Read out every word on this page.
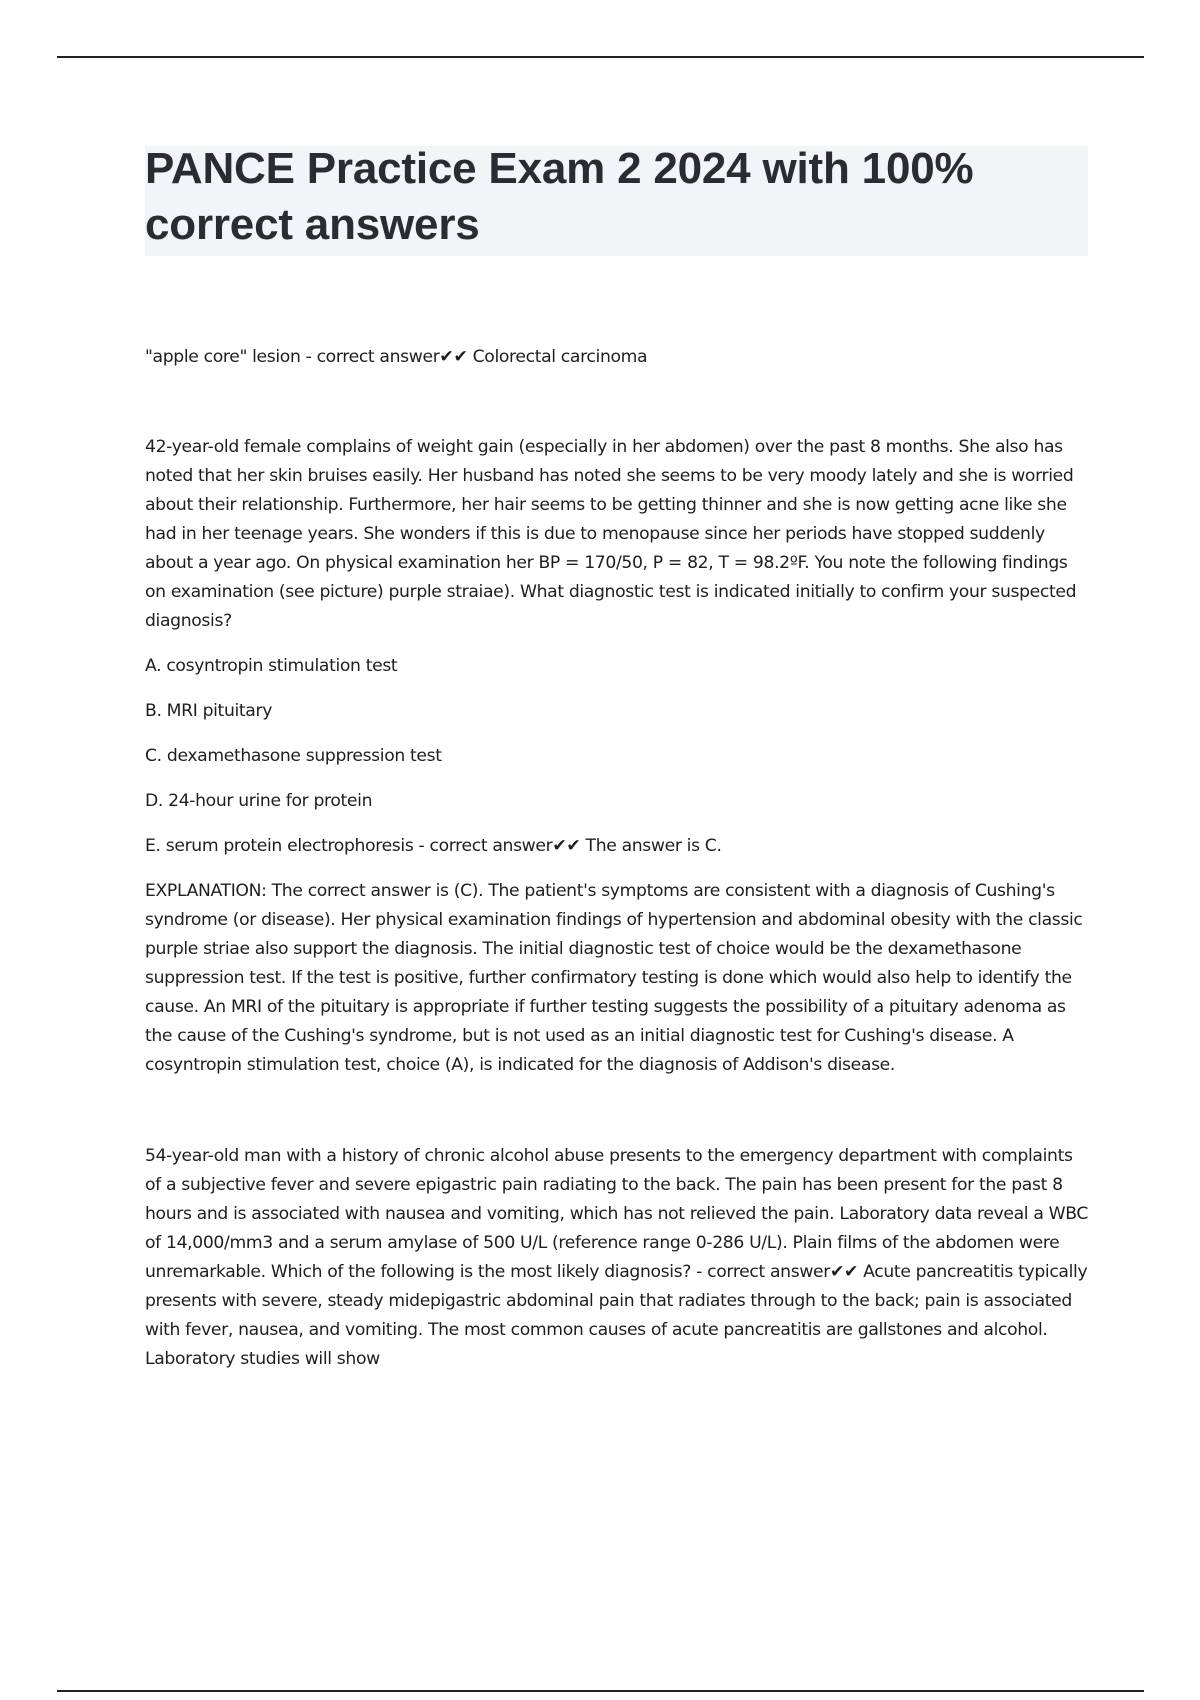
PANCE Practice Exam 2 2024 with 100% correct answers

"apple core" lesion - correct answer✔✔ Colorectal carcinoma

42-year-old female complains of weight gain (especially in her abdomen) over the past 8 months. She also has noted that her skin bruises easily. Her husband has noted she seems to be very moody lately and she is worried about their relationship. Furthermore, her hair seems to be getting thinner and she is now getting acne like she had in her teenage years. She wonders if this is due to menopause since her periods have stopped suddenly about a year ago. On physical examination her BP = 170/50, P = 82, T = 98.2ºF. You note the following findings on examination (see picture) purple straiae). What diagnostic test is indicated initially to confirm your suspected diagnosis?

A. cosyntropin stimulation test

B. MRI pituitary

C. dexamethasone suppression test

D. 24-hour urine for protein

E. serum protein electrophoresis - correct answer✔✔ The answer is C.

EXPLANATION: The correct answer is (C). The patient's symptoms are consistent with a diagnosis of Cushing's syndrome (or disease). Her physical examination findings of hypertension and abdominal obesity with the classic purple striae also support the diagnosis. The initial diagnostic test of choice would be the dexamethasone suppression test. If the test is positive, further confirmatory testing is done which would also help to identify the cause. An MRI of the pituitary is appropriate if further testing suggests the possibility of a pituitary adenoma as the cause of the Cushing's syndrome, but is not used as an initial diagnostic test for Cushing's disease. A cosyntropin stimulation test, choice (A), is indicated for the diagnosis of Addison's disease.

54-year-old man with a history of chronic alcohol abuse presents to the emergency department with complaints of a subjective fever and severe epigastric pain radiating to the back. The pain has been present for the past 8 hours and is associated with nausea and vomiting, which has not relieved the pain. Laboratory data reveal a WBC of 14,000/mm3 and a serum amylase of 500 U/L (reference range 0-286 U/L). Plain films of the abdomen were unremarkable. Which of the following is the most likely diagnosis? - correct answer✔✔ Acute pancreatitis typically presents with severe, steady midepigastric abdominal pain that radiates through to the back; pain is associated with fever, nausea, and vomiting. The most common causes of acute pancreatitis are gallstones and alcohol. Laboratory studies will show
